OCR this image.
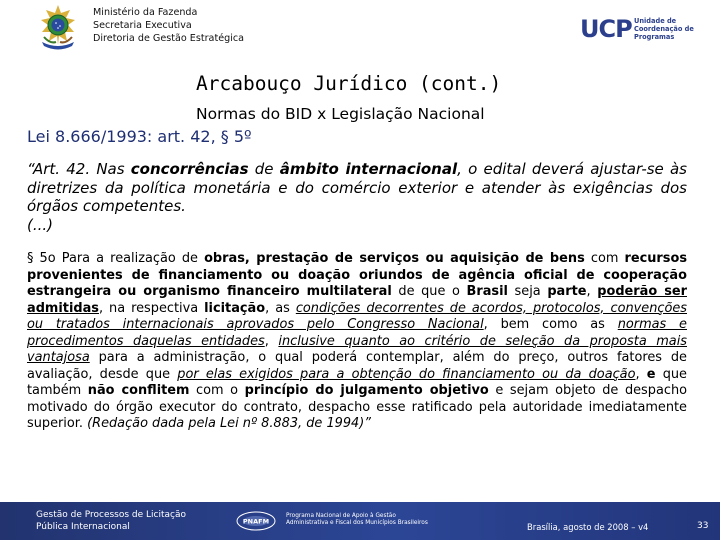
Ministério da Fazenda
Secretaria Executiva
Diretoria de Gestão Estratégica	UCP Unidade de
Coordenação de
Programas
Arcabouço Jurídico (cont.)
Normas do BID x Legislação Nacional
Lei 8.666/1993: art. 42, § 5º
“Art. 42. Nas concorrências de âmbito internacional, o edital deverá ajustar-se às diretrizes da política monetária e do comércio exterior e atender às exigências dos órgãos competentes.
(...)
§ 5o Para a realização de obras, prestação de serviços ou aquisição de bens com recursos provenientes de financiamento ou doação oriundos de agência oficial de cooperação estrangeira ou organismo financeiro multilateral de que o Brasil seja parte, poderão ser admitidas, na respectiva licitação, as condições decorrentes de acordos, protocolos, convenções ou tratados internacionais aprovados pelo Congresso Nacional, bem como as normas e procedimentos daquelas entidades, inclusive quanto ao critério de seleção da proposta mais vantajosa para a administração, o qual poderá contemplar, além do preço, outros fatores de avaliação, desde que por elas exigidos para a obtenção do financiamento ou da doação, e que também não conflitem com o princípio do julgamento objetivo e sejam objeto de despacho motivado do órgão executor do contrato, despacho esse ratificado pela autoridade imediatamente superior. (Redação dada pela Lei nº 8.883, de 1994)”
Gestão de Processos de Licitação
Pública Internacional
PNAFM
Programa Nacional de Apoio à Gestão
Administrativa e Fiscal dos Municípios Brasileiros	Brasília, agosto de 2008 – v4	33
